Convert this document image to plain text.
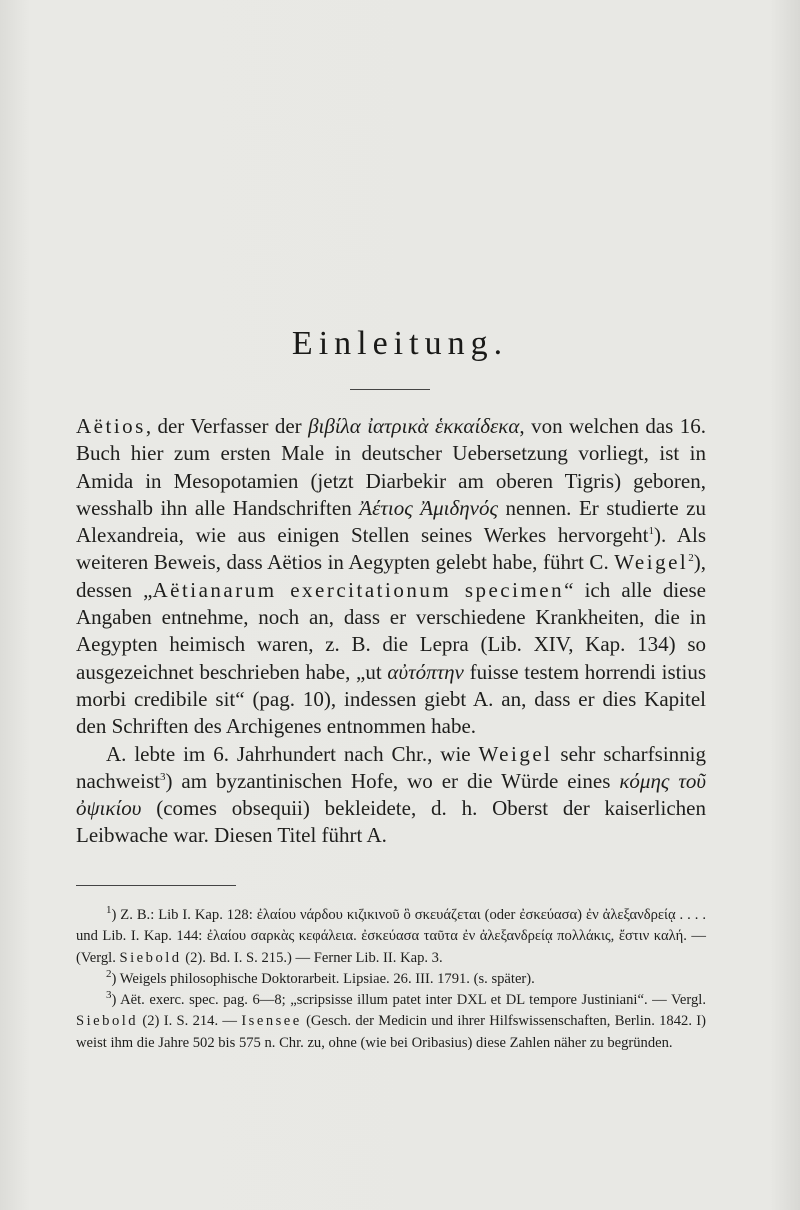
Einleitung.

Aëtios, der Verfasser der βιβίλα ἰατρικὰ ἑκκαίδεκα, von welchen das 16. Buch hier zum ersten Male in deutscher Uebersetzung vorliegt, ist in Amida in Mesopotamien (jetzt Diarbekir am oberen Tigris) geboren, wesshalb ihn alle Handschriften Ἀέτιος Ἀμιδηνός nennen. Er studierte zu Alexandreia, wie aus einigen Stellen seines Werkes hervorgeht$^1$). Als weiteren Beweis, dass Aëtios in Aegypten gelebt habe, führt C. Weigel$^2$), dessen „Aëtianarum exercitationum specimen“ ich alle diese Angaben entnehme, noch an, dass er verschiedene Krankheiten, die in Aegypten heimisch waren, z. B. die Lepra (Lib. XIV, Kap. 134) so ausgezeichnet beschrieben habe, „ut αὐτόπτην fuisse testem horrendi istius morbi credibile sit“ (pag. 10), indessen giebt A. an, dass er dies Kapitel den Schriften des Archigenes entnommen habe.

A. lebte im 6. Jahrhundert nach Chr., wie Weigel sehr scharfsinnig nachweist$^3$) am byzantinischen Hofe, wo er die Würde eines κόμης τοῦ ὀψικίου (comes obsequii) bekleidete, d. h. Oberst der kaiserlichen Leibwache war. Diesen Titel führt A.

$^1$) Z. B.: Lib I. Kap. 128: ἐλαίου νάρδου κιζικινοῦ ὃ σκευάζεται (oder ἐσκεύασα) ἐν ἀλεξανδρείᾳ . . . . und Lib. I. Kap. 144: ἐλαίου σαρκὰς κεφάλεια. ἐσκεύασα ταῦτα ἐν ἀλεξανδρείᾳ πολλάκις, ἔστιν καλή. — (Vergl. Siebold (2). Bd. I. S. 215.) — Ferner Lib. II. Kap. 3.

$^2$) Weigels philosophische Doktorarbeit. Lipsiae. 26. III. 1791. (s. später).

$^3$) Aët. exerc. spec. pag. 6—8; „scripsisse illum patet inter DXL et DL tempore Justiniani“. — Vergl. Siebold (2) I. S. 214. — Isensee (Gesch. der Medicin und ihrer Hilfswissenschaften, Berlin. 1842. I) weist ihm die Jahre 502 bis 575 n. Chr. zu, ohne (wie bei Oribasius) diese Zahlen näher zu begründen.
